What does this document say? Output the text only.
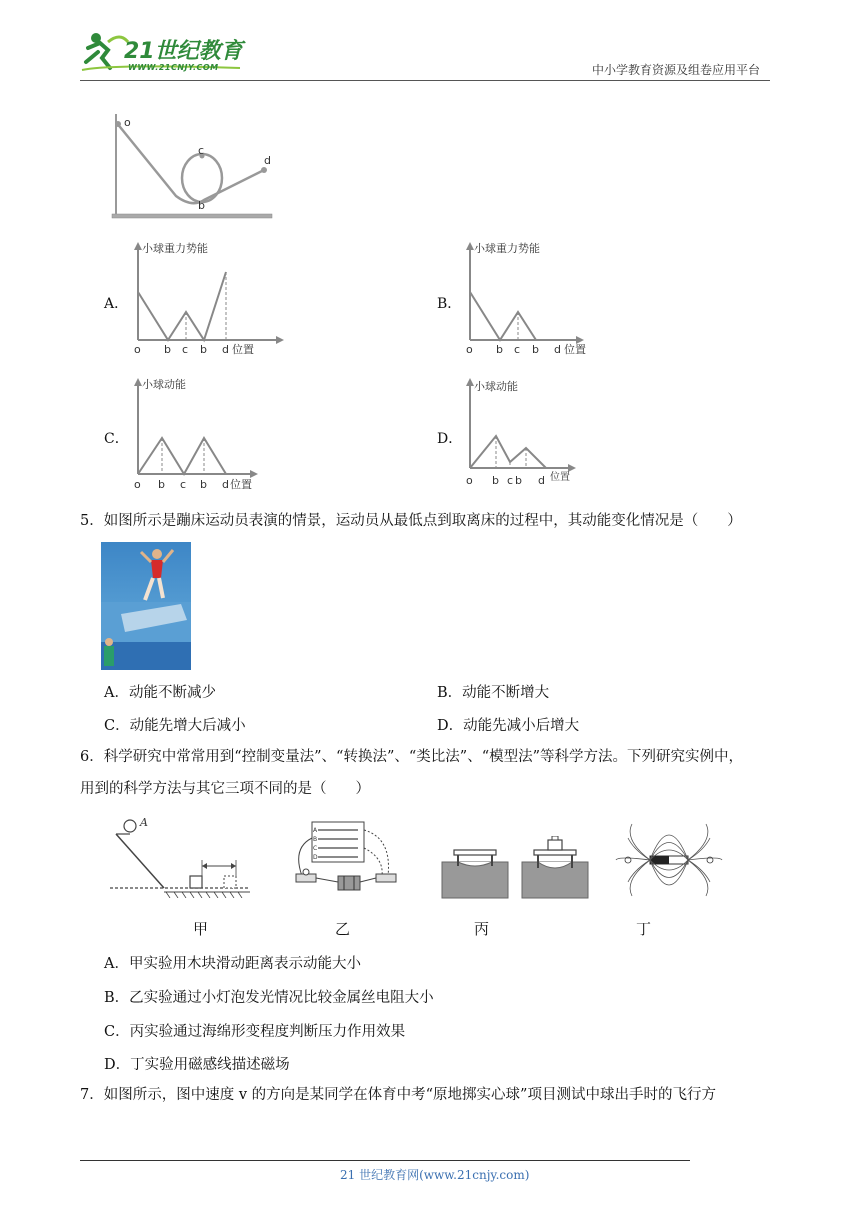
21世纪教育
WWW.21CNJY.COM	中小学教育资源及组卷应用平台
o
c
d
b
A．
小球重力势能
o b c b d 位置
B．
小球重力势能
o b c b d 位置
C．
小球动能
o b c b d 位置
D．
小球动能
o b c b d 位置
5．如图所示是蹦床运动员表演的情景，运动员从最低点到取离床的过程中，其动能变化情况是（　　）
A．动能不断减少	B．动能不断增大
C．动能先增大后减小	D．动能先减小后增大
6．科学研究中常常用到“控制变量法”、“转换法”、“类比法”、“模型法”等科学方法。下列研究实例中，
用到的科学方法与其它三项不同的是（　　）
A
甲
A
B
C
D
乙	丙	丁
A．甲实验用木块滑动距离表示动能大小
B．乙实验通过小灯泡发光情况比较金属丝电阻大小
C．丙实验通过海绵形变程度判断压力作用效果
D．丁实验用磁感线描述磁场
7．如图所示，图中速度 v 的方向是某同学在体育中考“原地掷实心球”项目测试中球出手时的飞行方
21 世纪教育网(www.21cnjy.com)
